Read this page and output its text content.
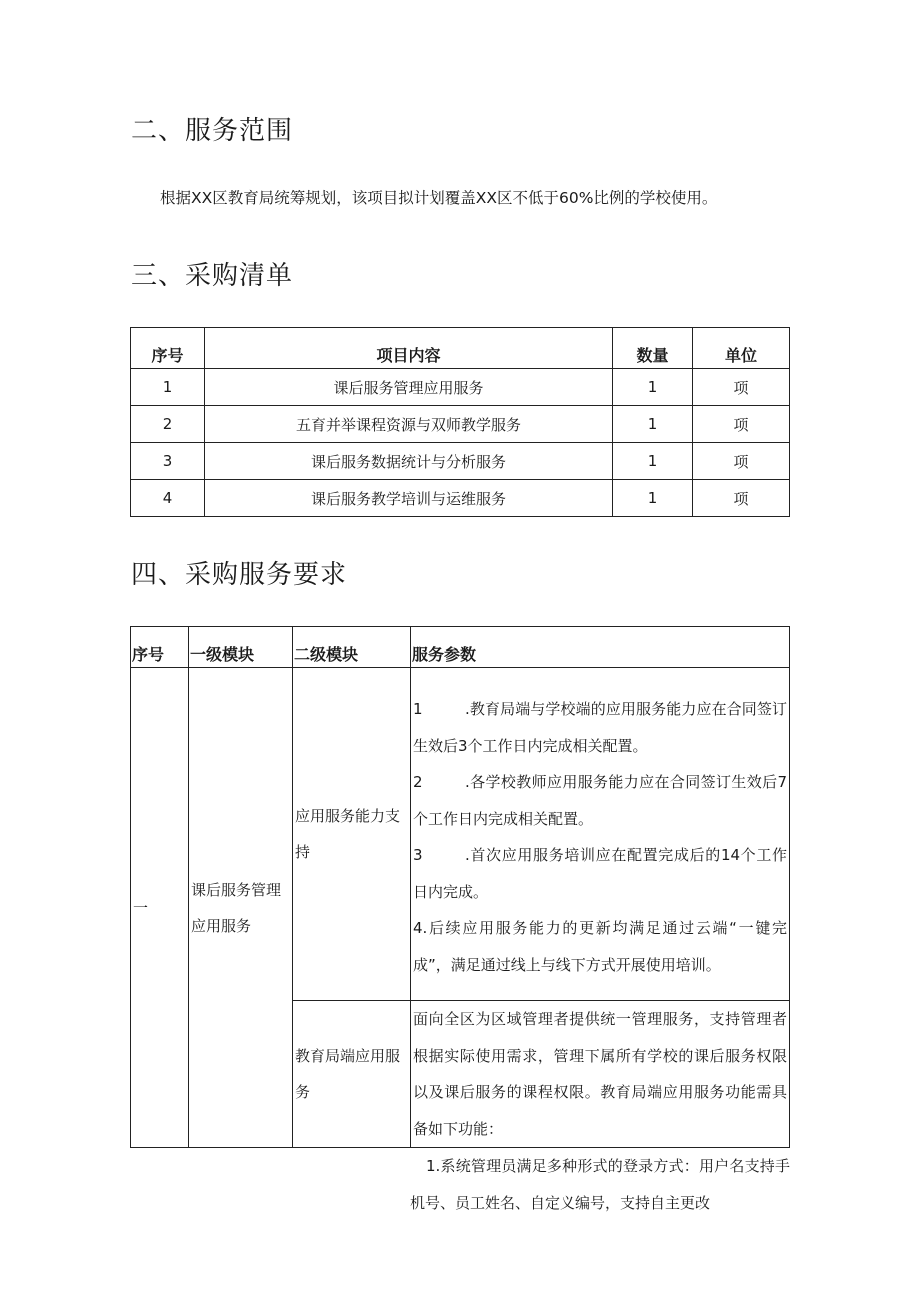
二、服务范围

根据XX区教育局统筹规划，该项目拟计划覆盖XX区不低于60%比例的学校使用。

三、采购清单
序号	项目内容	数量	单位
1	课后服务管理应用服务	1	项
2	五育并举课程资源与双师教学服务	1	项
3	课后服务数据统计与分析服务	1	项
4	课后服务教学培训与运维服务	1	项
四、采购服务要求
序号	一级模块	二级模块	服务参数
一	课后服务管理应用服务	应用服务能力支持	1 .教育局端与学校端的应用服务能力应在合同签订生效后3个工作日内完成相关配置。
2 .各学校教师应用服务能力应在合同签订生效后7个工作日内完成相关配置。
3 .首次应用服务培训应在配置完成后的14个工作日内完成。
4.后续应用服务能力的更新均满足通过云端“一键完成”，满足通过线上与线下方式开展使用培训。

		教育局端应用服务	面向全区为区域管理者提供统一管理服务，支持管理者根据实际使用需求，管理下属所有学校的课后服务权限以及课后服务的课程权限。教育局端应用服务功能需具备如下功能：

1.系统管理员满足多种形式的登录方式：用户名支持手机号、员工姓名、自定义编号，支持自主更改
